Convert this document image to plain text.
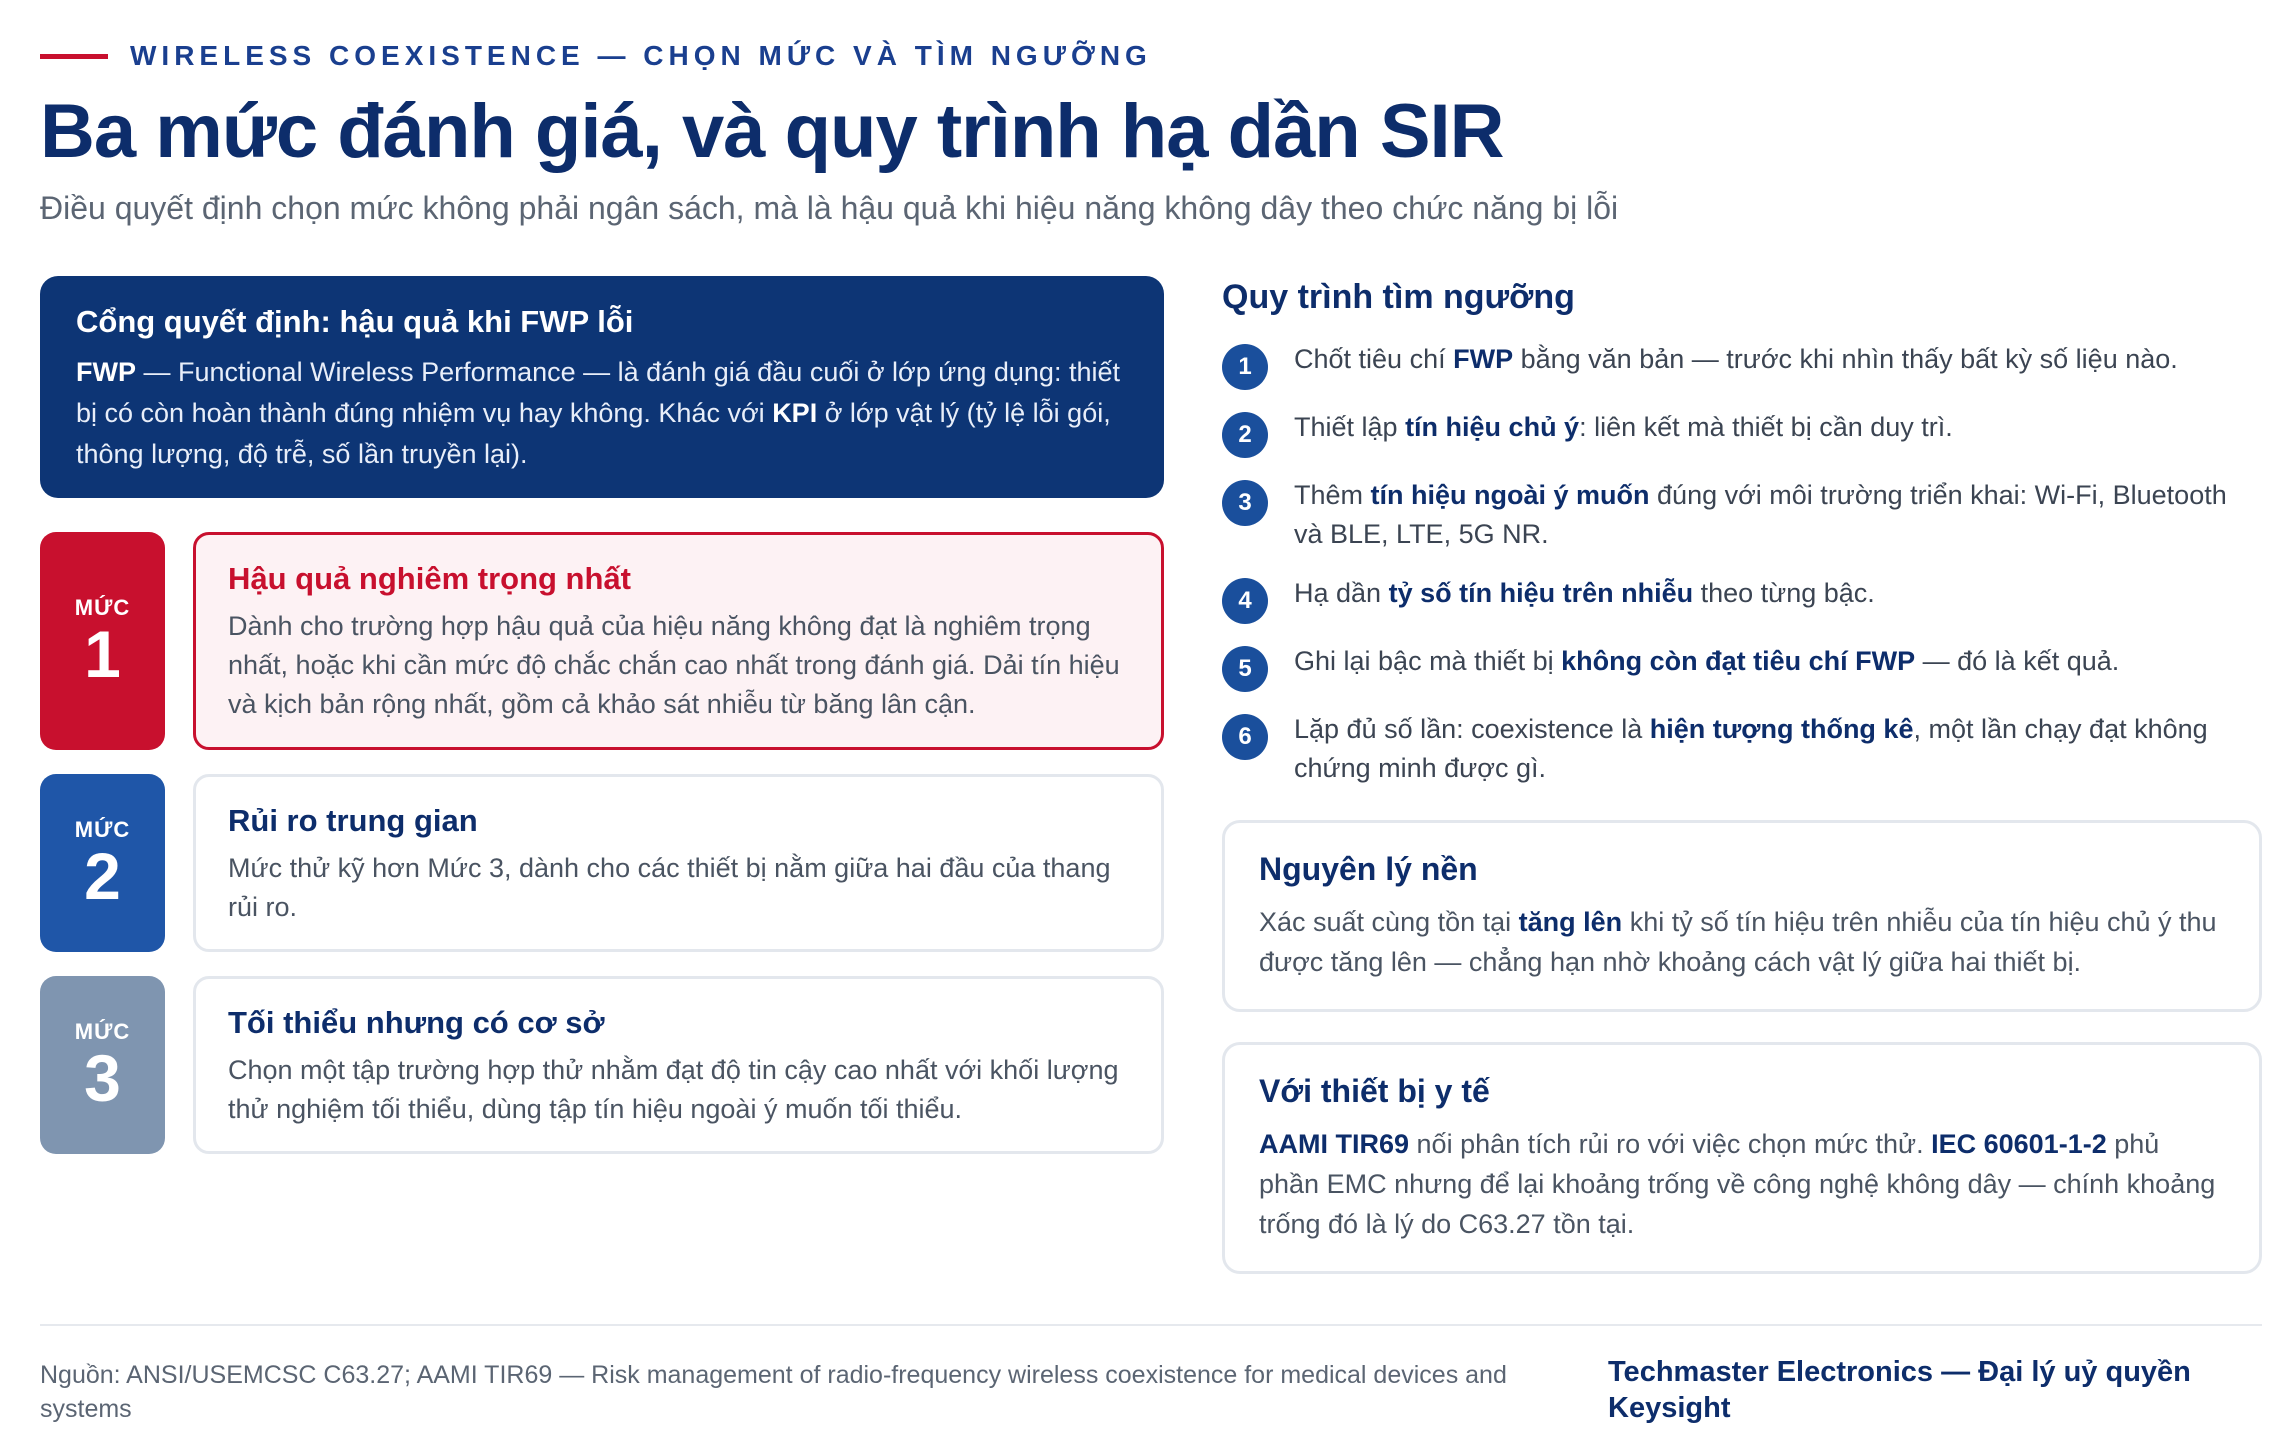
WIRELESS COEXISTENCE — CHỌN MỨC VÀ TÌM NGƯỠNG
Ba mức đánh giá, và quy trình hạ dần SIR
Điều quyết định chọn mức không phải ngân sách, mà là hậu quả khi hiệu năng không dây theo chức năng bị lỗi
Cổng quyết định: hậu quả khi FWP lỗi
FWP — Functional Wireless Performance — là đánh giá đầu cuối ở lớp ứng dụng: thiết bị có còn hoàn thành đúng nhiệm vụ hay không. Khác với KPI ở lớp vật lý (tỷ lệ lỗi gói, thông lượng, độ trễ, số lần truyền lại).
MỨC
1
Hậu quả nghiêm trọng nhất
Dành cho trường hợp hậu quả của hiệu năng không đạt là nghiêm trọng nhất, hoặc khi cần mức độ chắc chắn cao nhất trong đánh giá. Dải tín hiệu và kịch bản rộng nhất, gồm cả khảo sát nhiễu từ băng lân cận.
MỨC
2
Rủi ro trung gian
Mức thử kỹ hơn Mức 3, dành cho các thiết bị nằm giữa hai đầu của thang rủi ro.
MỨC
3
Tối thiểu nhưng có cơ sở
Chọn một tập trường hợp thử nhằm đạt độ tin cậy cao nhất với khối lượng thử nghiệm tối thiểu, dùng tập tín hiệu ngoài ý muốn tối thiểu.
Quy trình tìm ngưỡng
1	Chốt tiêu chí FWP bằng văn bản — trước khi nhìn thấy bất kỳ số liệu nào.
2	Thiết lập tín hiệu chủ ý: liên kết mà thiết bị cần duy trì.
3	Thêm tín hiệu ngoài ý muốn đúng với môi trường triển khai: Wi-Fi, Bluetooth và BLE, LTE, 5G NR.
4	Hạ dần tỷ số tín hiệu trên nhiễu theo từng bậc.
5	Ghi lại bậc mà thiết bị không còn đạt tiêu chí FWP — đó là kết quả.
6	Lặp đủ số lần: coexistence là hiện tượng thống kê, một lần chạy đạt không chứng minh được gì.
Nguyên lý nền
Xác suất cùng tồn tại tăng lên khi tỷ số tín hiệu trên nhiễu của tín hiệu chủ ý thu được tăng lên — chẳng hạn nhờ khoảng cách vật lý giữa hai thiết bị.
Với thiết bị y tế
AAMI TIR69 nối phân tích rủi ro với việc chọn mức thử. IEC 60601-1-2 phủ phần EMC nhưng để lại khoảng trống về công nghệ không dây — chính khoảng trống đó là lý do C63.27 tồn tại.
Nguồn: ANSI/USEMCSC C63.27; AAMI TIR69 — Risk management of radio-frequency wireless coexistence for medical devices and systems
Techmaster Electronics — Đại lý uỷ quyền Keysight
